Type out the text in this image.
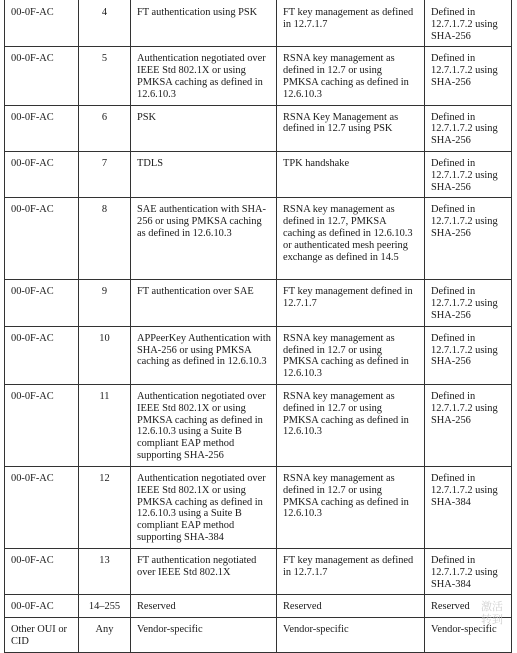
00-0F-AC	4	FT authentication using PSK	FT key management as defined in 12.7.1.7	Defined in 12.7.1.7.2 using SHA-256
00-0F-AC	5	Authentication negotiated over IEEE Std 802.1X or using PMKSA caching as defined in 12.6.10.3	RSNA key management as defined in 12.7 or using PMKSA caching as defined in 12.6.10.3	Defined in 12.7.1.7.2 using SHA-256
00-0F-AC	6	PSK	RSNA Key Management as defined in 12.7 using PSK	Defined in 12.7.1.7.2 using SHA-256
00-0F-AC	7	TDLS	TPK handshake	Defined in 12.7.1.7.2 using SHA-256
00-0F-AC	8	SAE authentication with SHA-256 or using PMKSA caching as defined in 12.6.10.3	RSNA key management as defined in 12.7, PMKSA caching as defined in 12.6.10.3 or authenticated mesh peering exchange as defined in 14.5	Defined in 12.7.1.7.2 using SHA-256
00-0F-AC	9	FT authentication over SAE	FT key management defined in 12.7.1.7	Defined in 12.7.1.7.2 using SHA-256
00-0F-AC	10	APPeerKey Authentication with SHA-256 or using PMKSA caching as defined in 12.6.10.3	RSNA key management as defined in 12.7 or using PMKSA caching as defined in 12.6.10.3	Defined in 12.7.1.7.2 using SHA-256
00-0F-AC	11	Authentication negotiated over IEEE Std 802.1X or using PMKSA caching as defined in 12.6.10.3 using a Suite B compliant EAP method supporting SHA-256	RSNA key management as defined in 12.7 or using PMKSA caching as defined in 12.6.10.3	Defined in 12.7.1.7.2 using SHA-256
00-0F-AC	12	Authentication negotiated over IEEE Std 802.1X or using PMKSA caching as defined in 12.6.10.3 using a Suite B compliant EAP method supporting SHA-384	RSNA key management as defined in 12.7 or using PMKSA caching as defined in 12.6.10.3	Defined in 12.7.1.7.2 using SHA-384
00-0F-AC	13	FT authentication negotiated over IEEE Std 802.1X	FT key management as defined in 12.7.1.7	Defined in 12.7.1.7.2 using SHA-384
00-0F-AC	14–255	Reserved	Reserved	Reserved
Other OUI or CID	Any	Vendor-specific	Vendor-specific	Vendor-specific
激活
转到
